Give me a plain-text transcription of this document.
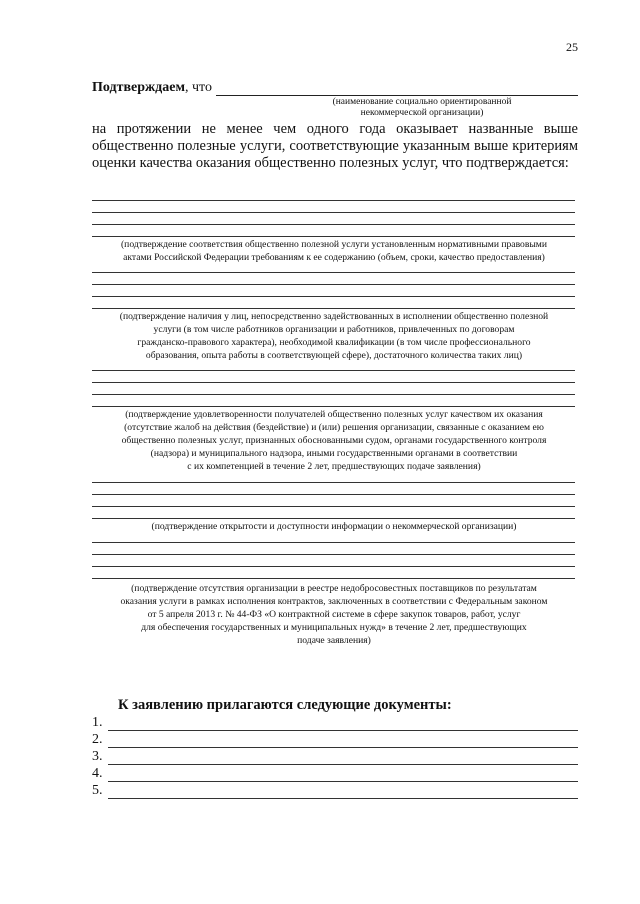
25
Подтверждаем , что
(наименование социально ориентированной
некоммерческой организации)
на протяжении не менее чем одного года оказывает названные выше общественно полезные услуги, соответствующие указанным выше критериям оценки качества оказания общественно полезных услуг, что подтверждается:
(подтверждение соответствия общественно полезной услуги установленным нормативными правовыми
актами Российской Федерации требованиям к ее содержанию (объем, сроки, качество предоставления)
(подтверждение наличия у лиц, непосредственно задействованных в исполнении общественно полезной
услуги (в том числе работников организации и работников, привлеченных по договорам
гражданско-правового характера), необходимой квалификации (в том числе профессионального
образования, опыта работы в соответствующей сфере), достаточного количества таких лиц)
(подтверждение удовлетворенности получателей общественно полезных услуг качеством их оказания
(отсутствие жалоб на действия (бездействие) и (или) решения организации, связанные с оказанием ею
общественно полезных услуг, признанных обоснованными судом, органами государственного контроля
(надзора) и муниципального надзора, иными государственными органами в соответствии
с их компетенцией в течение 2 лет, предшествующих подаче заявления)
(подтверждение открытости и доступности информации о некоммерческой организации)
(подтверждение отсутствия организации в реестре недобросовестных поставщиков по результатам
оказания услуги в рамках исполнения контрактов, заключенных в соответствии с Федеральным законом
от 5 апреля 2013 г. № 44-ФЗ «О контрактной системе в сфере закупок товаров, работ, услуг
для обеспечения государственных и муниципальных нужд» в течение 2 лет, предшествующих
подаче заявления)
К заявлению прилагаются следующие документы:
1.
2.
3.
4.
5.
